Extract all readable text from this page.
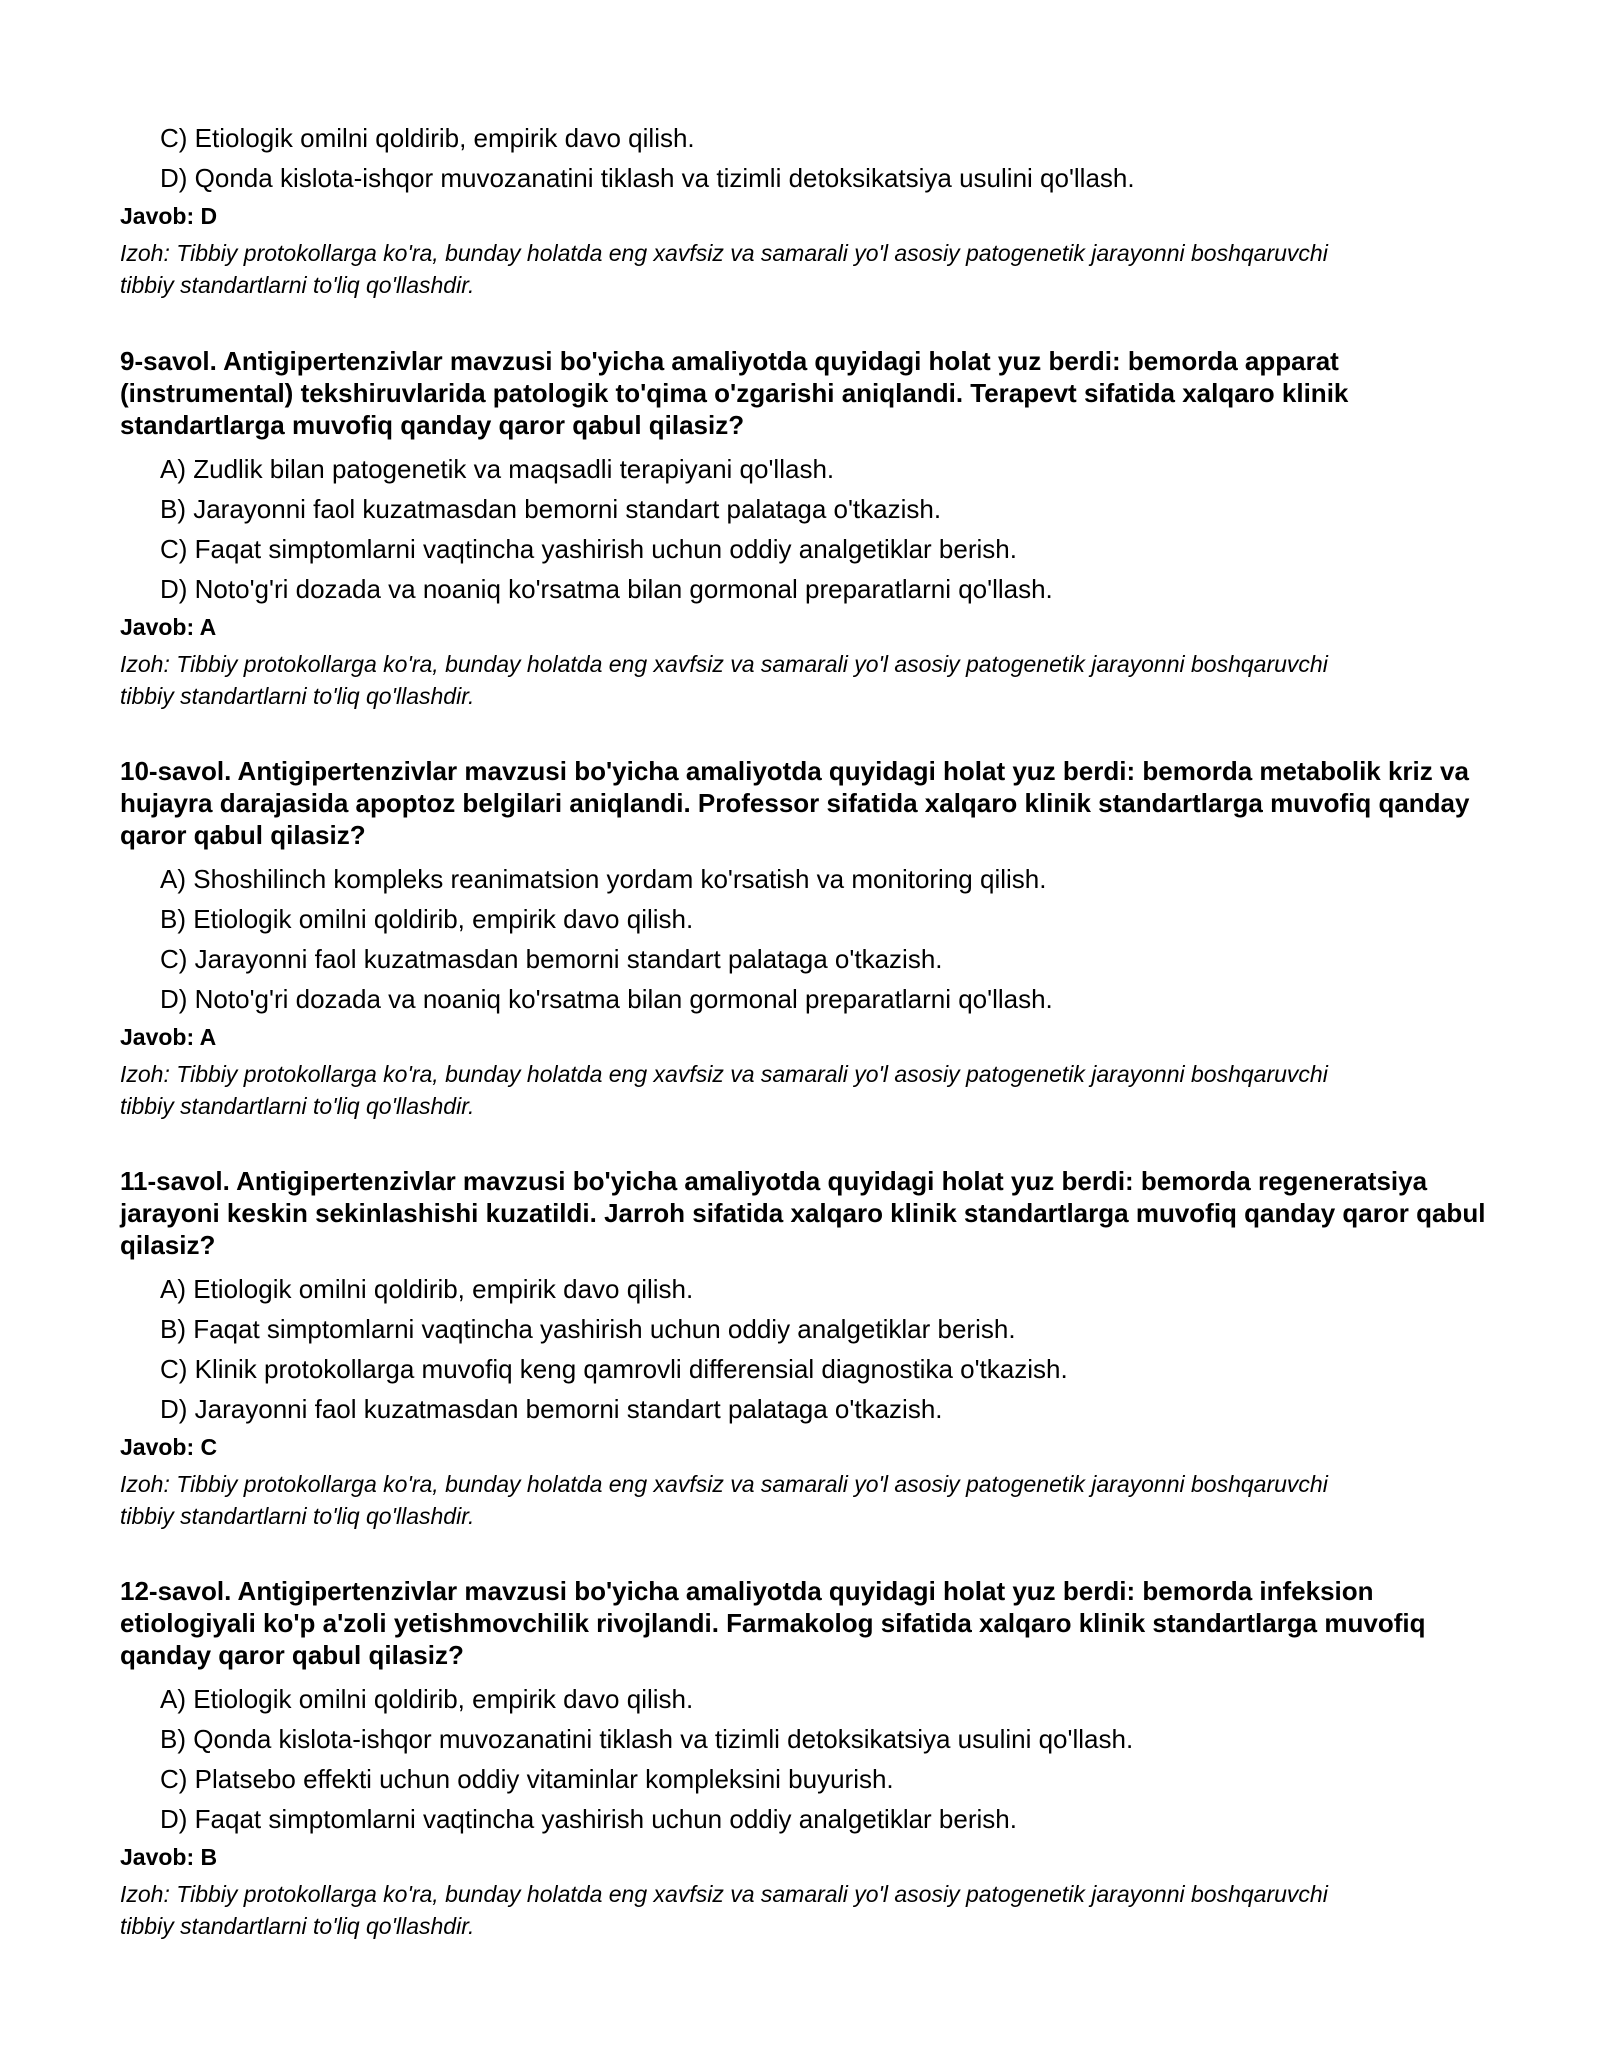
C) Etiologik omilni qoldirib, empirik davo qilish.
D) Qonda kislota-ishqor muvozanatini tiklash va tizimli detoksikatsiya usulini qo'llash.
Javob: D
Izoh: Tibbiy protokollarga ko'ra, bunday holatda eng xavfsiz va samarali yo'l asosiy patogenetik jarayonni boshqaruvchi tibbiy standartlarni to'liq qo'llashdir.

9-savol. Antigipertenzivlar mavzusi bo'yicha amaliyotda quyidagi holat yuz berdi: bemorda apparat (instrumental) tekshiruvlarida patologik to'qima o'zgarishi aniqlandi. Terapevt sifatida xalqaro klinik standartlarga muvofiq qanday qaror qabul qilasiz?

A) Zudlik bilan patogenetik va maqsadli terapiyani qo'llash.
B) Jarayonni faol kuzatmasdan bemorni standart palataga o'tkazish.
C) Faqat simptomlarni vaqtincha yashirish uchun oddiy analgetiklar berish.
D) Noto'g'ri dozada va noaniq ko'rsatma bilan gormonal preparatlarni qo'llash.
Javob: A
Izoh: Tibbiy protokollarga ko'ra, bunday holatda eng xavfsiz va samarali yo'l asosiy patogenetik jarayonni boshqaruvchi tibbiy standartlarni to'liq qo'llashdir.

10-savol. Antigipertenzivlar mavzusi bo'yicha amaliyotda quyidagi holat yuz berdi: bemorda metabolik kriz va hujayra darajasida apoptoz belgilari aniqlandi. Professor sifatida xalqaro klinik standartlarga muvofiq qanday qaror qabul qilasiz?

A) Shoshilinch kompleks reanimatsion yordam ko'rsatish va monitoring qilish.
B) Etiologik omilni qoldirib, empirik davo qilish.
C) Jarayonni faol kuzatmasdan bemorni standart palataga o'tkazish.
D) Noto'g'ri dozada va noaniq ko'rsatma bilan gormonal preparatlarni qo'llash.
Javob: A
Izoh: Tibbiy protokollarga ko'ra, bunday holatda eng xavfsiz va samarali yo'l asosiy patogenetik jarayonni boshqaruvchi tibbiy standartlarni to'liq qo'llashdir.

11-savol. Antigipertenzivlar mavzusi bo'yicha amaliyotda quyidagi holat yuz berdi: bemorda regeneratsiya jarayoni keskin sekinlashishi kuzatildi. Jarroh sifatida xalqaro klinik standartlarga muvofiq qanday qaror qabul qilasiz?

A) Etiologik omilni qoldirib, empirik davo qilish.
B) Faqat simptomlarni vaqtincha yashirish uchun oddiy analgetiklar berish.
C) Klinik protokollarga muvofiq keng qamrovli differensial diagnostika o'tkazish.
D) Jarayonni faol kuzatmasdan bemorni standart palataga o'tkazish.
Javob: C
Izoh: Tibbiy protokollarga ko'ra, bunday holatda eng xavfsiz va samarali yo'l asosiy patogenetik jarayonni boshqaruvchi tibbiy standartlarni to'liq qo'llashdir.

12-savol. Antigipertenzivlar mavzusi bo'yicha amaliyotda quyidagi holat yuz berdi: bemorda infeksion etiologiyali ko'p a'zoli yetishmovchilik rivojlandi. Farmakolog sifatida xalqaro klinik standartlarga muvofiq qanday qaror qabul qilasiz?

A) Etiologik omilni qoldirib, empirik davo qilish.
B) Qonda kislota-ishqor muvozanatini tiklash va tizimli detoksikatsiya usulini qo'llash.
C) Platsebo effekti uchun oddiy vitaminlar kompleksini buyurish.
D) Faqat simptomlarni vaqtincha yashirish uchun oddiy analgetiklar berish.
Javob: B
Izoh: Tibbiy protokollarga ko'ra, bunday holatda eng xavfsiz va samarali yo'l asosiy patogenetik jarayonni boshqaruvchi tibbiy standartlarni to'liq qo'llashdir.
